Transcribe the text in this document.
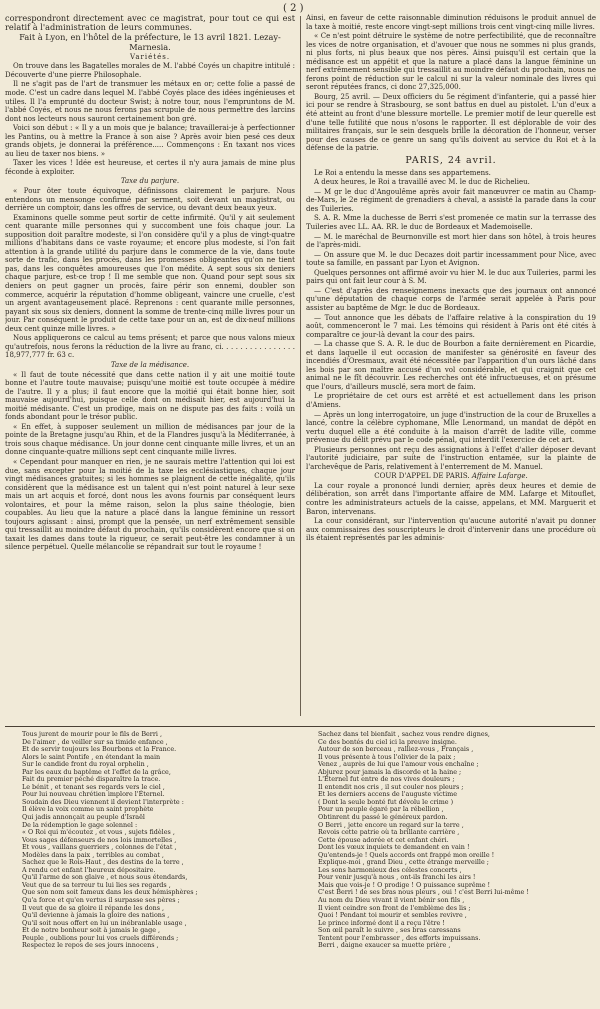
( 2 )

correspondront directement avec ce magistrat, pour tout ce qui est relatif à l'administration de leurs communes.

Fait à Lyon, en l'hôtel de la préfecture, le 13 avril 1821. Lezay-Marnesia.

Variétés.

On trouve dans les Bagatelles morales de M. l'abbé Coyés un chapitre intitulé : Découverte d'une pierre Philosophale.

Il ne s'agit pas de l'art de transmuer les métaux en or; cette folie a passé de mode. C'est un cadre dans lequel M. l'abbé Coyés place des idées ingénieuses et utiles. Il l'a emprunté du docteur Swist; à notre tour, nous l'empruntons de M. l'abbé Coyés, et nous ne nous ferons pas scrupule de nous permettre des larcins dont nos lecteurs nous sauront certainement bon gré.

Voici son début : « Il y a un mois que je balance; travaillerai-je à perfectionner les Pantins, ou à mettre la France à son aise ? Après avoir bien pesé ces deux grands objets, je donnerai la préférence..... Commençons : En taxant nos vices au lieu de taxer nos biens. »

Taxer les vices ! Idée est heureuse, et certes il n'y aura jamais de mine plus féconde à exploiter.

Taxe du parjure.

« Pour ôter toute équivoque, définissons clairement le parjure. Nous entendons un mensonge confirmé par serment, soit devant un magistrat, ou derrière un comptoir, dans les offres de service, ou devant deux beaux yeux.

Examinons quelle somme peut sortir de cette infirmité. Qu'il y ait seulement cent quarante mille personnes qui y succombent une fois chaque jour. La supposition doit paraître modeste, si l'on considère qu'il y a plus de vingt-quatre millions d'habitans dans ce vaste royaume; et encore plus modeste, si l'on fait attention à la grande utilité du parjure dans le commerce de la vie, dans toute sorte de trafic, dans les procès, dans les promesses obligeantes qu'on ne tient pas, dans les conquêtes amoureuses que l'on médite. A sept sous six deniers chaque parjure, est-ce trop ! Il me semble que non. Quand pour sept sous six deniers on peut gagner un procès, faire périr son ennemi, doubler son commerce, acquérir la réputation d'homme obligeant, vaincre une cruelle, c'est un argent avantageusement placé. Reprenons : cent quarante mille personnes, payant six sous six deniers, donnent la somme de trente-cinq mille livres pour un jour. Par conséquent le produit de cette taxe pour un an, est de dix-neuf millions deux cent quinze mille livres. »

Nous appliquerons ce calcul au tems présent; et parce que nous valons mieux qu'autrefois, nous ferons la réduction de la livre au franc, ci. . . . . . . . . . . . . . . . 18,977,777 fr. 63 c.

Taxe de la médisance.

« Il faut de toute nécessité que dans cette nation il y ait une moitié toute bonne et l'autre toute mauvaise; puisqu'une moitié est toute occupée à médire de l'autre. Il y a plus; il faut encore que la moitié qui était bonne hier, soit mauvaise aujourd'hui, puisque celle dont on médisait hier, est aujourd'hui la moitié médisante. C'est un prodige, mais on ne dispute pas des faits : voilà un fonds abondant pour le trésor public.

« En effet, à supposer seulement un million de médisances par jour de la pointe de la Bretagne jusqu'au Rhin, et de la Flandres jusqu'à la Méditerranée, à trois sous chaque médisance. Un jour donne cent cinquante mille livres, et un an donne cinquante-quatre millions sept cent cinquante mille livres.

« Cependant pour manquer en rien, je ne saurais mettre l'attention qui loi est due, sans excepter pour la moitié de la taxe les ecclésiastiques, chaque jour vingt médisances gratuites; si les hommes se plaignent de cette inégalité, qu'ils considèrent que la médisance est un talent qui n'est point naturel à leur sexe mais un art acquis et forcé, dont nous les avons fournis par conséquent leurs volontaires, et pour la même raison, selon la plus saine théologie, bien coupables. Au lieu que la nature a placé dans la langue féminine un ressort toujours agissant : ainsi, prompt que la pensée, un nerf extrêmement sensible qui tressaillit au moindre défaut du prochain, qu'ils considèrent encore que si on taxait les dames dans toute la rigueur, ce serait peut-être les condamner à un silence perpétuel. Quelle mélancolie se répandrait sur tout le royaume !

Ainsi, en faveur de cette raisonnable diminution réduisons le produit annuel de la taxe à moitié, reste encore vingt-sept millions trois cent vingt-cinq mille livres.

« Ce n'est point détruire le système de notre perfectibilité, que de reconnaître les vices de notre organisation, et d'avouer que nous ne sommes ni plus grands, ni plus forts, ni plus beaux que nos pères. Ainsi puisqu'il est certain que la médisance est un appétit et que la nature a placé dans la langue féminine un nerf extrêmement sensible qui tressaillit au moindre défaut du prochain, nous ne ferons point de réduction sur le calcul ni sur la valeur nominale des livres qui seront réputées francs, ci donc 27,325,000.

Bourg, 25 avril. — Deux officiers du 5e régiment d'infanterie, qui a passé hier ici pour se rendre à Strasbourg, se sont battus en duel au pistolet. L'un d'eux a été atteint au front d'une blessure mortelle. Le premier motif de leur querelle est d'une telle futilité que nous n'osons le rapporter. Il est déplorable de voir des militaires français, sur le sein desquels brille la décoration de l'honneur, verser pour des causes de ce genre un sang qu'ils doivent au service du Roi et à la défense de la patrie.

PARIS, 24 avril.

Le Roi a entendu la messe dans ses appartemens.

A deux heures, le Roi a travaillé avec M. le duc de Richelieu.

— M gr le duc d'Angoulême après avoir fait manœuvrer ce matin au Champ-de-Mars, le 2e régiment de grenadiers à cheval, a assisté la parade dans la cour des Tuileries.

S. A. R. Mme la duchesse de Berri s'est promenée ce matin sur la terrasse des Tuileries avec LL. AA. RR. le duc de Bordeaux et Mademoiselle.

— M. le maréchal de Beurnonville est mort hier dans son hôtel, à trois heures de l'après-midi.

— On assure que M. le duc Decazes doit partir incessamment pour Nice, avec toute sa famille, en passant par Lyon et Avignon.

Quelques personnes ont affirmé avoir vu hier M. le duc aux Tuileries, parmi les pairs qui ont fait leur cour à S. M.

— C'est d'après des renseignemens inexacts que des journaux ont annoncé qu'une députation de chaque corps de l'armée serait appelée à Paris pour assister au baptême de Mgr. le duc de Bordeaux.

— Tout annonce que les débats de l'affaire relative à la conspiration du 19 août, commenceront le 7 mai. Les témoins qui résident à Paris ont été cités à comparaître ce jour-là devant la cour des pairs.

— La chasse que S. A. R. le duc de Bourbon a faite dernièrement en Picardie, et dans laquelle il eut occasion de manifester sa générosité en faveur des incendiés d'Oresmaux, avait été nécessitée par l'apparition d'un ours lâché dans les bois par son maître accusé d'un vol considérable, et qui craignit que cet animal ne le fît découvrir. Les recherches ont été infructueuses, et on présume que l'ours, d'ailleurs musclé, sera mort de faim.

Le propriétaire de cet ours est arrêté et est actuellement dans les prison d'Amiens.

— Après un long interrogatoire, un juge d'instruction de la cour de Bruxelles a lancé, contre la célèbre cyphomane, Mlle Lenormand, un mandat de dépôt en vertu duquel elle a été conduite à la maison d'arrêt de ladite ville, comme prévenue du délit prévu par le code pénal, qui interdit l'exercice de cet art.

Plusieurs personnes ont reçu des assignations à l'effet d'aller déposer devant l'autorité judiciaire, par suite de l'instruction entamée, sur la plainte de l'archevêque de Paris, relativement à l'enterrement de M. Manuel.

COUR D'APPEL DE PARIS. Affaire Lafarge.

La cour royale a prononcé lundi dernier, après deux heures et demie de délibération, son arrêt dans l'importante affaire de MM. Lafarge et Mitouflet, contre les administrateurs actuels de la caisse, appelans, et MM. Marguerit et Baron, intervenans.

La cour considérant, sur l'intervention qu'aucune autorité n'avait pu donner aux commissaires des souscripteurs le droit d'intervenir dans une procédure où ils étaient représentés par les adminis-

Tous jurent de mourir pour le fils de Berri ,
De l'aimer , de veiller sur sa timide enfance ,
Et de servir toujours les Bourbons et la France.
Alors le saint Pontife , en étendant la main
Sur le candide front du royal orphelin ,
Par les eaux du baptême et l'effet de la grâce,
Fait du premier péché disparaître la trace.
Le bénit , et tenant ses regards vers le ciel ,
Pour lui nouveau chrétien implore l'Éternel.
Soudain des Dieu viennent il devient l'interprète :
Il élève la voix comme un saint prophète
Qui jadis annonçait au peuple d'Israël
De la rédemption le gage solennel :
« O Roi qui m'écoutez , et vous , sujets fidèles ,
Vous sages défenseurs de nos lois immortelles ,
Et vous , vaillans guerriers , colonnes de l'état ,
Modèles dans la paix , terribles au combat ,
Sachez que le Rois-Haut , des destins de la terre ,
A rendu cet enfant l'heureux dépositaire.
Qu'il l'arme de son glaive , et nous sous étendards,
Veut que de sa terreur tu lui lies ses regards ,
Que son nom soit fameux dans les deux hémisphères ;
Qu'a force et qu'en vertus il surpasse ses pères ;
Il veut que de sa gloire il répande les dons ,
Qu'il devienne à jamais la gloire des nations ,
Qu'il soit nous offert en lui un inébranlable usage ,
Et de notre bonheur soit à jamais le gage ,
Peuple , oublions pour lui vos cruels différends ;
Respectez le repos de ses jours innocens ,
Sachez dans tel bienfait , sachez vous rendre dignes,
Ce des bontés du ciel ici la preuve insigne.
Autour de son berceau , ralliez-vous , Français ,
Il vous présente à tous l'olivier de la paix ;
Venez , auprès de lui que l'amour vous enchaîne ;
Abjurez pour jamais la discorde et la haine ;
L'Éternel fut entre de nos vives douleurs ;
Il entendit nos cris , il sut couler nos pleurs ;
Et les derniers accens de l'auguste victime
( Dont la seule bonté fut dévolu le crime )
Pour un peuple égaré par la rébellion ,
Obtinrent du passé le généreux pardon.
O Berri , jette encore un regard sur la terre ,
Revois cette patrie où ta brillante carrière ,
Cette épouse adorée et cet enfant chéri.
Dont les vœux inquiets te demandent en vain !
Qu'entends-je ! Quels accords ont frappé mon oreille !
Explique-moi , grand Dieu , cette étrange merveille ;
Les sons harmonieux des célestes concerts ,
Pour venir jusqu'à nous , ont-ils franchi les airs !
Mais que vois-je ! O prodige ! O puissance suprême !
C'est Berri ! de ses bras nous pleurs , oui ! c'est Berri lui-même !
Au nom du Dieu vivant il vient bénir son fils ,
Il vient ceindre son front de l'emblème des lis ;
Quoi ! Pendant toi mourir et sembles revivre ,
Le prince informé dont il a reçu l'être !
Son œil paraît le suivre , ses bras caressans
Tentent pour l'embrasser , des efforts impuissans.
Berri , daigne exaucer sa muette prière ,
